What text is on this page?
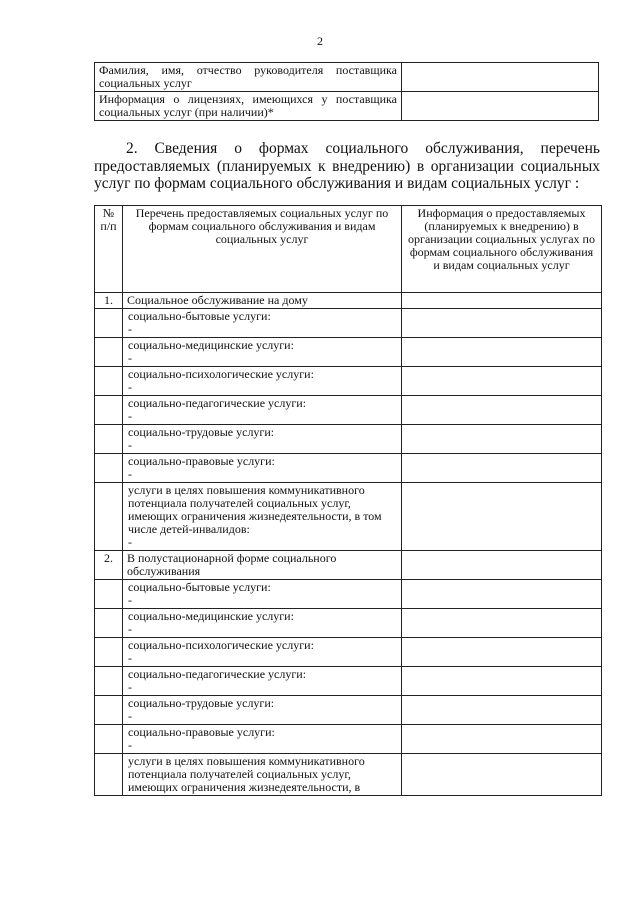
2
Фамилия, имя, отчество руководителя поставщика социальных услуг	
Информация о лицензиях, имеющихся у поставщика социальных услуг (при наличии)*	

2. Сведения о формах социального обслуживания, перечень предоставляемых (планируемых к внедрению) в организации социальных услуг по формам социального обслуживания и видам социальных услуг :

№ п/п	Перечень предоставляемых социальных услуг по формам социального обслуживания и видам социальных услуг	Информация о предоставляемых (планируемых к внедрению) в организации социальных услугах по формам социального обслуживания и видам социальных услуг
1.	Социальное обслуживание на дому	
	социально-бытовые услуги:
-	

	социально-медицинские услуги:
-	

	социально-психологические услуги:
-	

	социально-педагогические услуги:
-	

	социально-трудовые услуги:
-	

	социально-правовые услуги:
-	

	услуги в целях повышения коммуникативного потенциала получателей социальных услуг, имеющих ограничения жизнедеятельности, в том числе детей-инвалидов:
-	

2.	В полустационарной форме социального обслуживания	
	социально-бытовые услуги:
-	

	социально-медицинские услуги:
-	

	социально-психологические услуги:
-	

	социально-педагогические услуги:
-	

	социально-трудовые услуги:
-	

	социально-правовые услуги:
-	

	услуги в целях повышения коммуникативного потенциала получателей социальных услуг, имеющих ограничения жизнедеятельности, в	
